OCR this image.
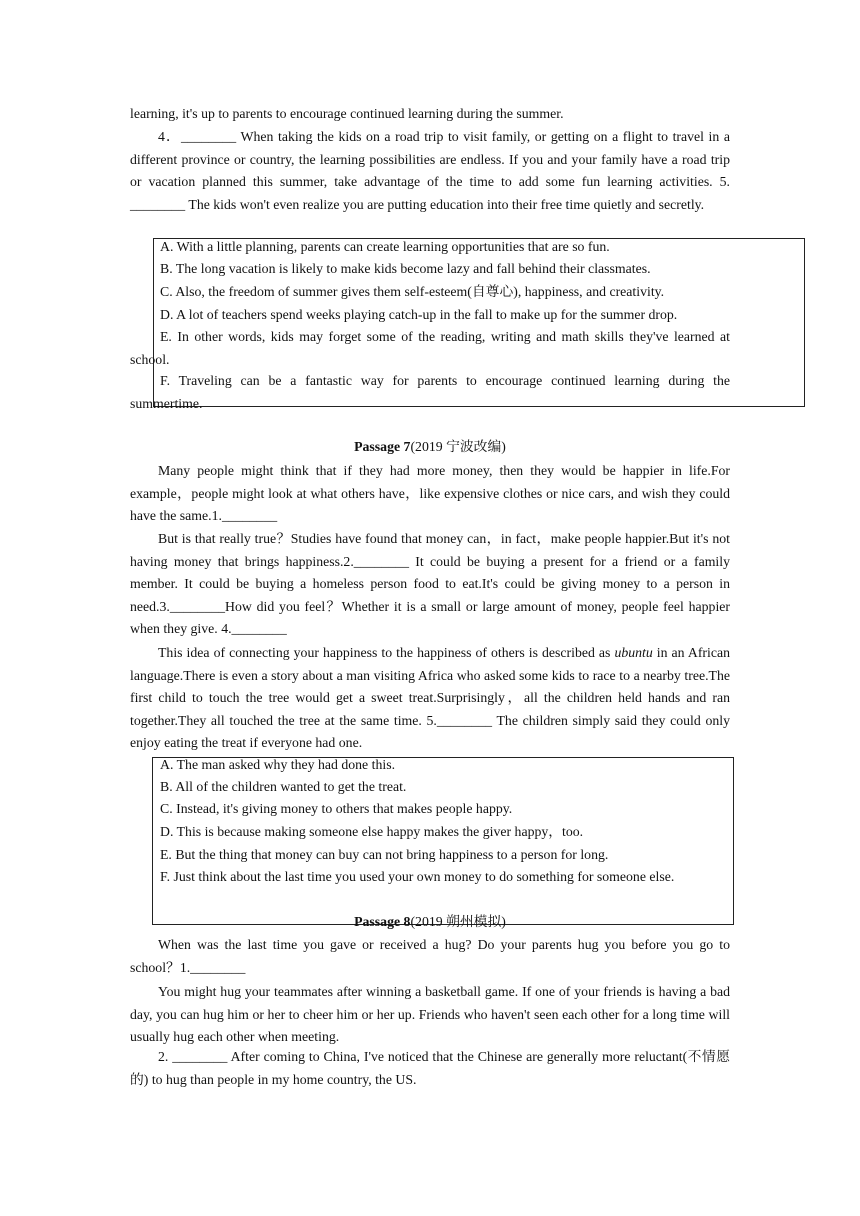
learning, it's up to parents to encourage continued learning during the summer.

4．________ When taking the kids on a road trip to visit family, or getting on a flight to travel in a different province or country, the learning possibilities are endless. If you and your family have a road trip or vacation planned this summer, take advantage of the time to add some fun learning activities. 5. ________ The kids won't even realize you are putting education into their free time quietly and secretly.

A. With a little planning, parents can create learning opportunities that are so fun.

B. The long vacation is likely to make kids become lazy and fall behind their classmates.

C. Also, the freedom of summer gives them self-esteem(自尊心), happiness, and creativity.

D. A lot of teachers spend weeks playing catch-up in the fall to make up for the summer drop.

E. In other words, kids may forget some of the reading, writing and math skills they've learned at school.

F. Traveling can be a fantastic way for parents to encourage continued learning during the summertime.

Passage 7(2019 宁波改编)

Many people might think that if they had more money, then they would be happier in life.For example，people might look at what others have，like expensive clothes or nice cars, and wish they could have the same.1.________

But is that really true？Studies have found that money can，in fact，make people happier.But it's not having money that brings happiness.2.________ It could be buying a present for a friend or a family member. It could be buying a homeless person food to eat.It's could be giving money to a person in need.3.________How did you feel？Whether it is a small or large amount of money, people feel happier when they give. 4.________

This idea of connecting your happiness to the happiness of others is described as ubuntu in an African language.There is even a story about a man visiting Africa who asked some kids to race to a nearby tree.The first child to touch the tree would get a sweet treat.Surprisingly，all the children held hands and ran together.They all touched the tree at the same time. 5.________ The children simply said they could only enjoy eating the treat if everyone had one.

A. The man asked why they had done this.

B. All of the children wanted to get the treat.

C. Instead, it's giving money to others that makes people happy.

D. This is because making someone else happy makes the giver happy，too.

E. But the thing that money can buy can not bring happiness to a person for long.

F. Just think about the last time you used your own money to do something for someone else.

Passage 8(2019 朔州模拟)

When was the last time you gave or received a hug? Do your parents hug you before you go to school？1.________

You might hug your teammates after winning a basketball game. If one of your friends is having a bad day, you can hug him or her to cheer him or her up. Friends who haven't seen each other for a long time will usually hug each other when meeting.

2. ________ After coming to China, I've noticed that the Chinese are generally more reluctant(不情愿的) to hug than people in my home country, the US.
